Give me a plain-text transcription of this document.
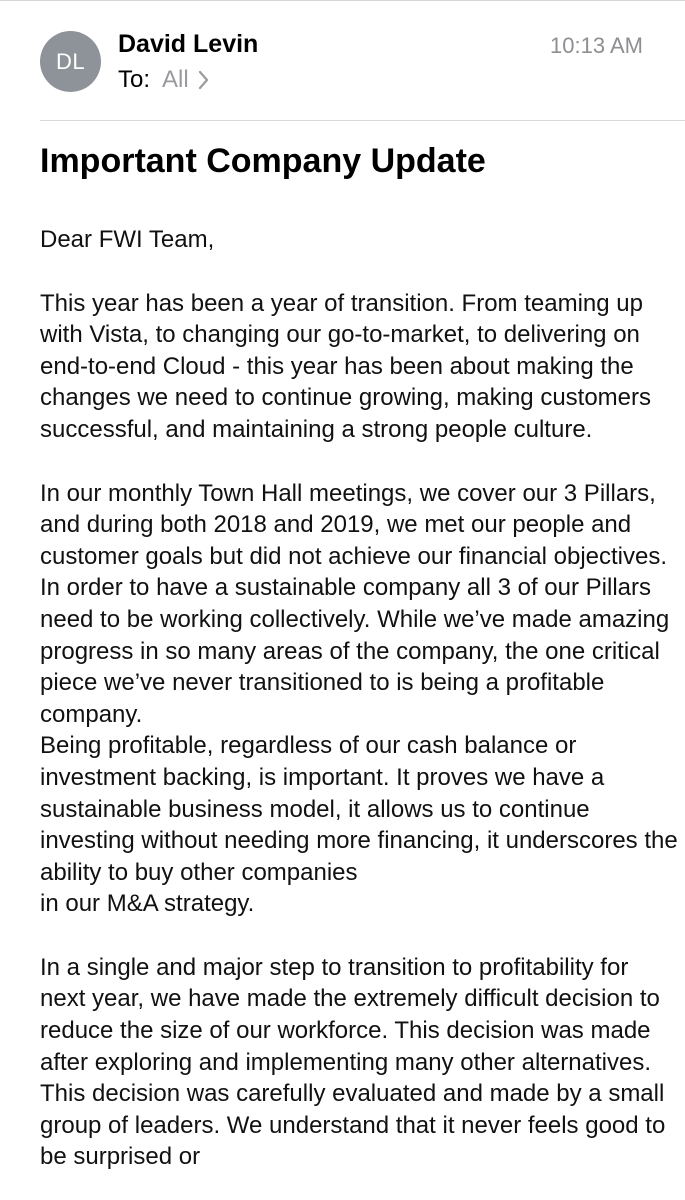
DL
David Levin
To: All
10:13 AM
Important Company Update

Dear FWI Team,

This year has been a year of transition. From teaming up with Vista, to changing our go-to-market, to delivering on end-to-end Cloud - this year has been about making the changes we need to continue growing, making customers successful, and maintaining a strong people culture.

In our monthly Town Hall meetings, we cover our 3 Pillars, and during both 2018 and 2019, we met our people and customer goals but did not achieve our financial objectives. In order to have a sustainable company all 3 of our Pillars need to be working collectively. While we’ve made amazing progress in so many areas of the company, the one critical piece we’ve never transitioned to is being a profitable company.

Being profitable, regardless of our cash balance or investment backing, is important. It proves we have a sustainable business model, it allows us to continue investing without needing more financing, it underscores the ability to buy other companies
in our M&A strategy.

In a single and major step to transition to profitability for next year, we have made the extremely difficult decision to reduce the size of our workforce. This decision was made after exploring and implementing many other alternatives. This decision was carefully evaluated and made by a small group of leaders. We understand that it never feels good to be surprised or
